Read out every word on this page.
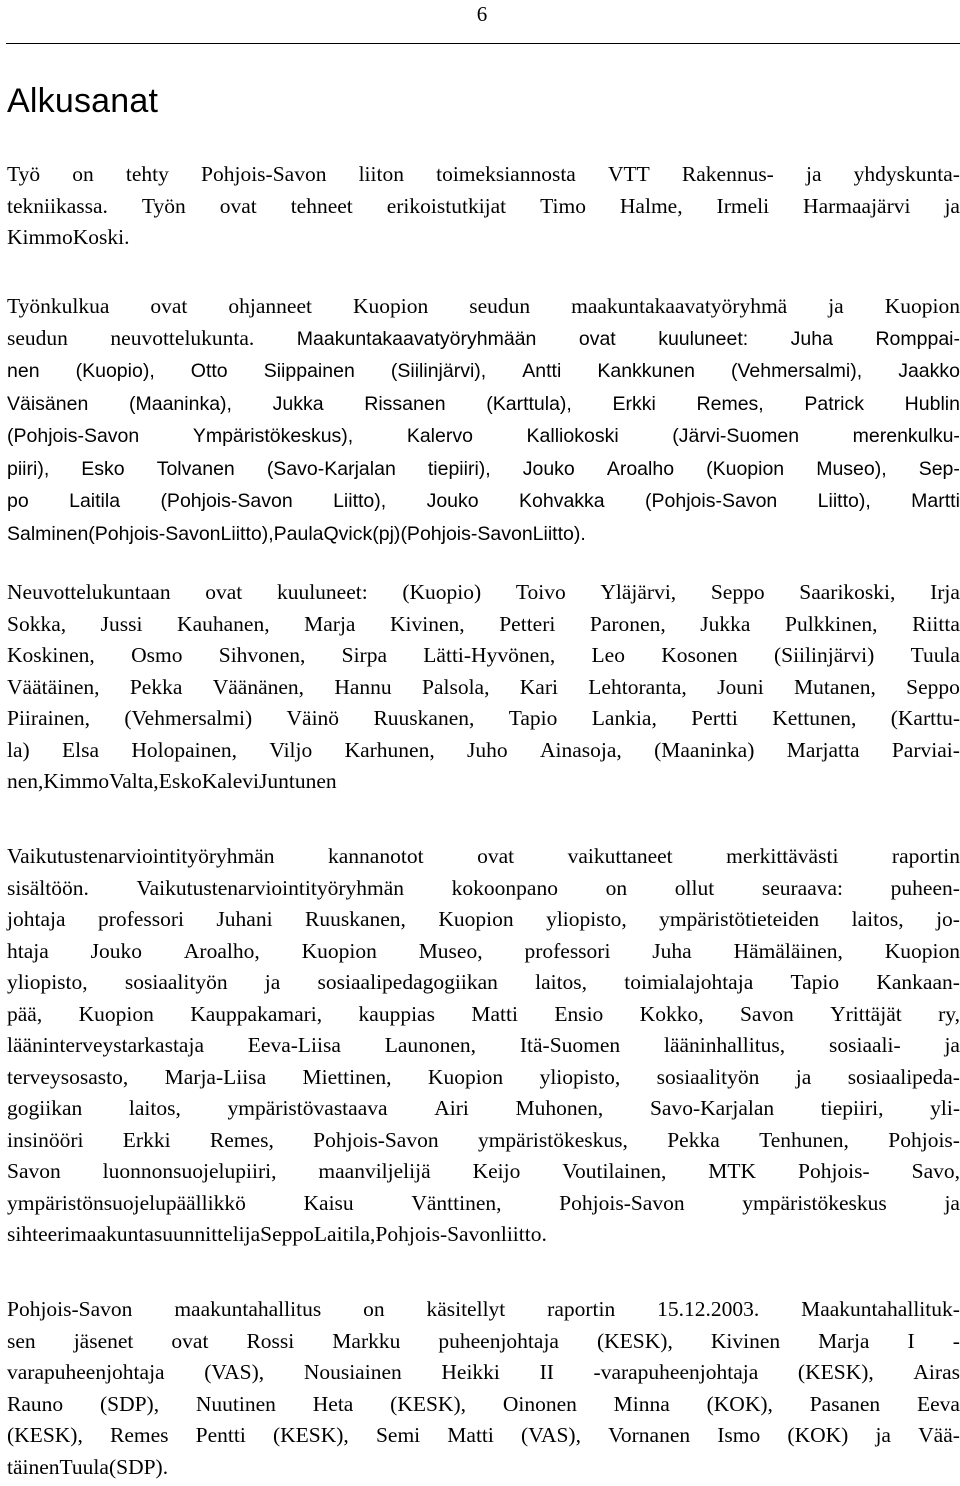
6
Alkusanat
Työ on tehty Pohjois-Savon liiton toimeksiannosta VTT Rakennus- ja yhdyskunta-
tekniikassa. Työn ovat tehneet erikoistutkijat Timo Halme, Irmeli Harmaajärvi ja
KimmoKoski.
Työnkulkua ovat ohjanneet Kuopion seudun maakuntakaavatyöryhmä ja Kuopion
seudun neuvottelukunta. Maakuntakaavatyöryhmään ovat kuuluneet: Juha Romppai-
nen (Kuopio), Otto Siippainen (Siilinjärvi), Antti Kankkunen (Vehmersalmi), Jaakko
Väisänen (Maaninka), Jukka Rissanen (Karttula), Erkki Remes, Patrick Hublin
(Pohjois-Savon	Ympäristökeskus),	Kalervo	Kalliokoski	(Järvi-Suomen	merenkulku-
piiri), Esko Tolvanen (Savo-Karjalan tiepiiri), Jouko Aroalho (Kuopion Museo), Sep-
po Laitila (Pohjois-Savon Liitto), Jouko Kohvakka (Pohjois-Savon Liitto), Martti
Salminen(Pohjois-SavonLiitto),PaulaQvick(pj)(Pohjois-SavonLiitto).
Neuvottelukuntaan ovat kuuluneet: (Kuopio) Toivo Yläjärvi, Seppo Saarikoski, Irja
Sokka, Jussi Kauhanen, Marja Kivinen, Petteri Paronen, Jukka Pulkkinen, Riitta
Koskinen, Osmo Sihvonen, Sirpa Lätti-Hyvönen, Leo Kosonen (Siilinjärvi) Tuula
Väätäinen, Pekka Väänänen, Hannu Palsola, Kari Lehtoranta, Jouni Mutanen, Seppo
Piirainen, (Vehmersalmi) Väinö Ruuskanen, Tapio Lankia, Pertti Kettunen, (Karttu-
la) Elsa Holopainen, Viljo Karhunen, Juho Ainasoja, (Maaninka) Marjatta Parviai-
nen,KimmoValta,EskoKaleviJuntunen
Vaikutustenarviointityöryhmän kannanotot ovat vaikuttaneet merkittävästi raportin
sisältöön. Vaikutustenarviointityöryhmän kokoonpano on ollut seuraava: puheen-
johtaja professori Juhani Ruuskanen, Kuopion yliopisto, ympäristötieteiden laitos, jo-
htaja Jouko Aroalho, Kuopion Museo, professori Juha Hämäläinen, Kuopion
yliopisto, sosiaalityön ja sosiaalipedagogiikan laitos, toimialajohtaja Tapio Kankaan-
pää, Kuopion Kauppakamari, kauppias Matti Ensio Kokko, Savon Yrittäjät ry,
lääninterveystarkastaja Eeva-Liisa Launonen, Itä-Suomen lääninhallitus, sosiaali- ja
terveysosasto, Marja-Liisa Miettinen, Kuopion yliopisto, sosiaalityön ja sosiaalipeda-
gogiikan laitos, ympäristövastaava Airi Muhonen, Savo-Karjalan tiepiiri, yli-
insinööri Erkki Remes, Pohjois-Savon ympäristökeskus, Pekka Tenhunen, Pohjois-
Savon luonnonsuojelupiiri, maanviljelijä Keijo Voutilainen, MTK Pohjois- Savo,
ympäristönsuojelupäällikkö	Kaisu	Vänttinen,	Pohjois-Savon	ympäristökeskus	ja
sihteerimaakuntasuunnittelijaSeppoLaitila,Pohjois-Savonliitto.
Pohjois-Savon maakuntahallitus on käsitellyt raportin 15.12.2003. Maakuntahallituk-
sen jäsenet ovat Rossi Markku puheenjohtaja (KESK), Kivinen Marja I -
varapuheenjohtaja (VAS), Nousiainen Heikki II -varapuheenjohtaja (KESK), Airas
Rauno (SDP), Nuutinen Heta (KESK), Oinonen Minna (KOK), Pasanen Eeva
(KESK), Remes Pentti (KESK), Semi Matti (VAS), Vornanen Ismo (KOK) ja Vää-
täinenTuula(SDP).
